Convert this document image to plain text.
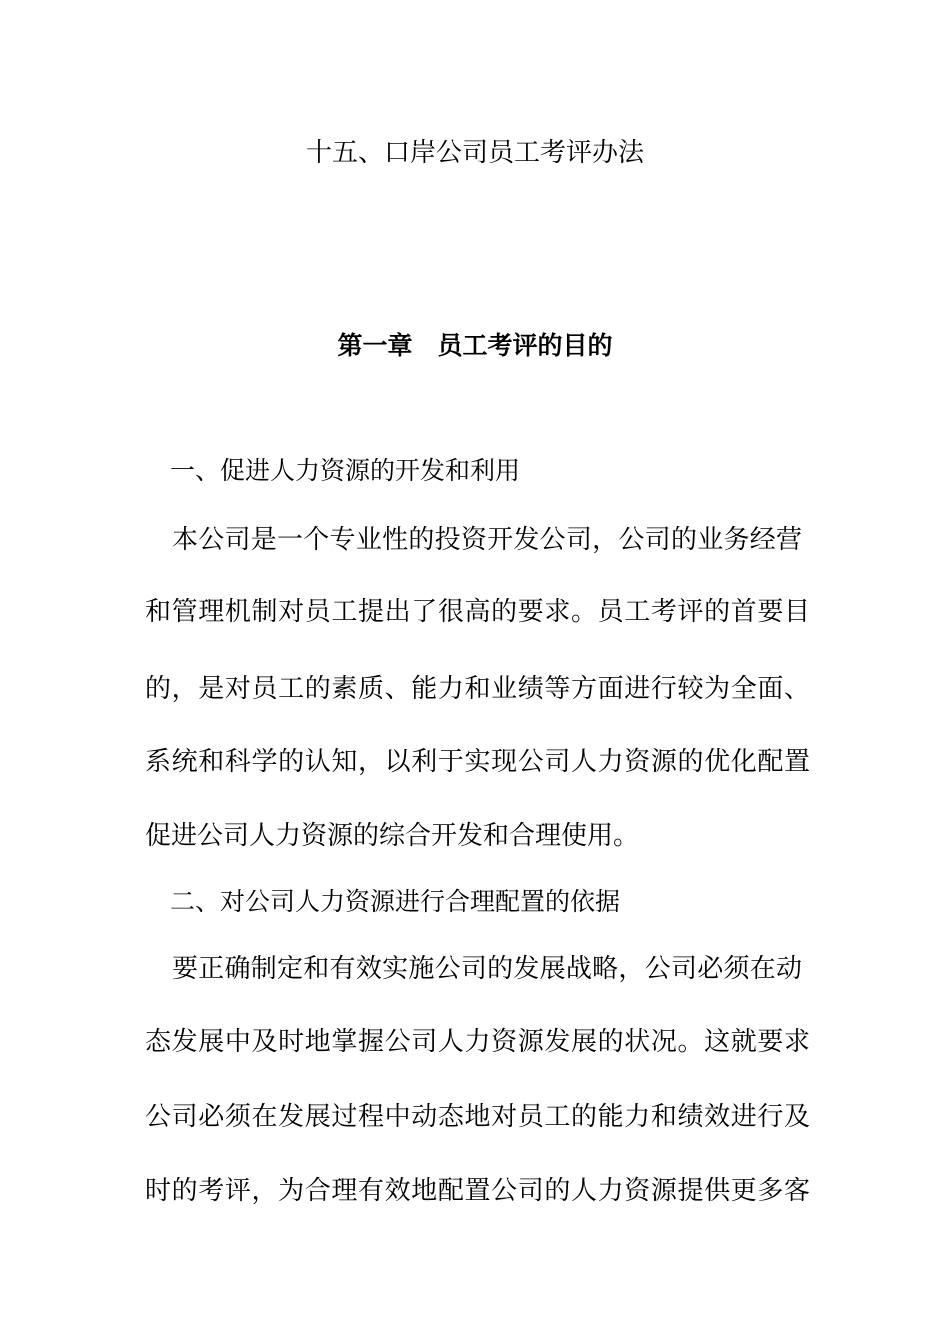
十五、口岸公司员工考评办法
第一章　员工考评的目的
一、促进人力资源的开发和利用
本公司是一个专业性的投资开发公司，公司的业务经营
和管理机制对员工提出了很高的要求。员工考评的首要目
的，是对员工的素质、能力和业绩等方面进行较为全面、
系统和科学的认知，以利于实现公司人力资源的优化配置
促进公司人力资源的综合开发和合理使用。
二、对公司人力资源进行合理配置的依据
要正确制定和有效实施公司的发展战略，公司必须在动
态发展中及时地掌握公司人力资源发展的状况。这就要求
公司必须在发展过程中动态地对员工的能力和绩效进行及
时的考评，为合理有效地配置公司的人力资源提供更多客
